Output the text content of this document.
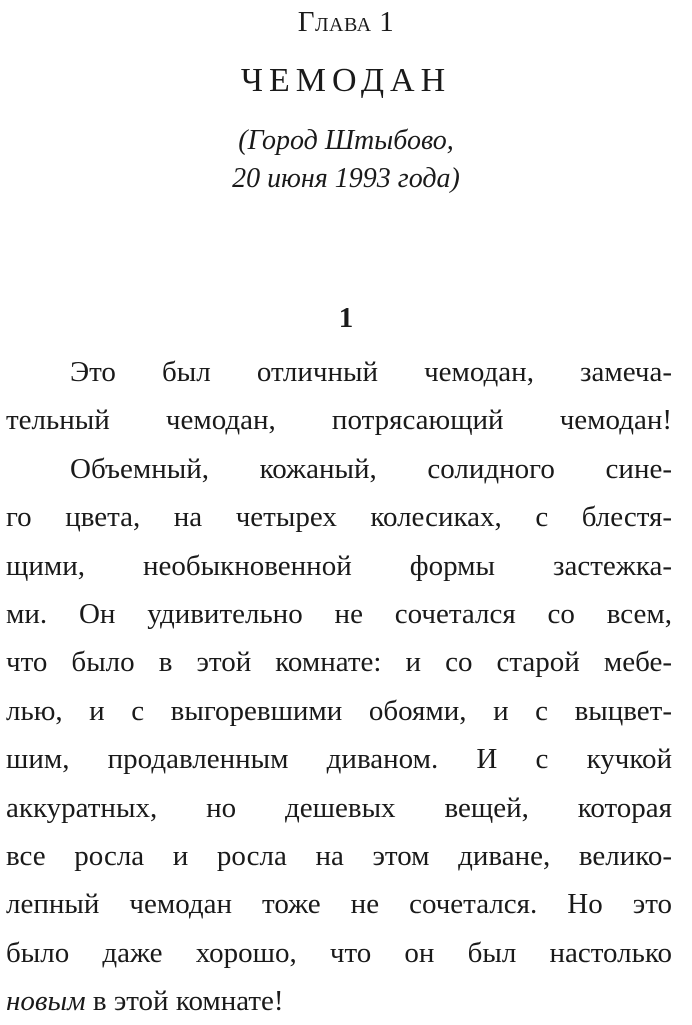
Глава 1
ЧЕМОДАН
(Город Штыбово,
20 июня 1993 года)
1
Это был отличный чемодан, замеча-
тельный чемодан, потрясающий чемодан!
Объемный, кожаный, солидного сине-
го цвета, на четырех колесиках, с блестя-
щими, необыкновенной формы застежка-
ми. Он удивительно не сочетался со всем,
что было в этой комнате: и со старой мебе-
лью, и с выгоревшими обоями, и с выцвет-
шим, продавленным диваном. И с кучкой
аккуратных, но дешевых вещей, которая
все росла и росла на этом диване, велико-
лепный чемодан тоже не сочетался. Но это
было даже хорошо, что он был настолько
новым в этой комнате!
